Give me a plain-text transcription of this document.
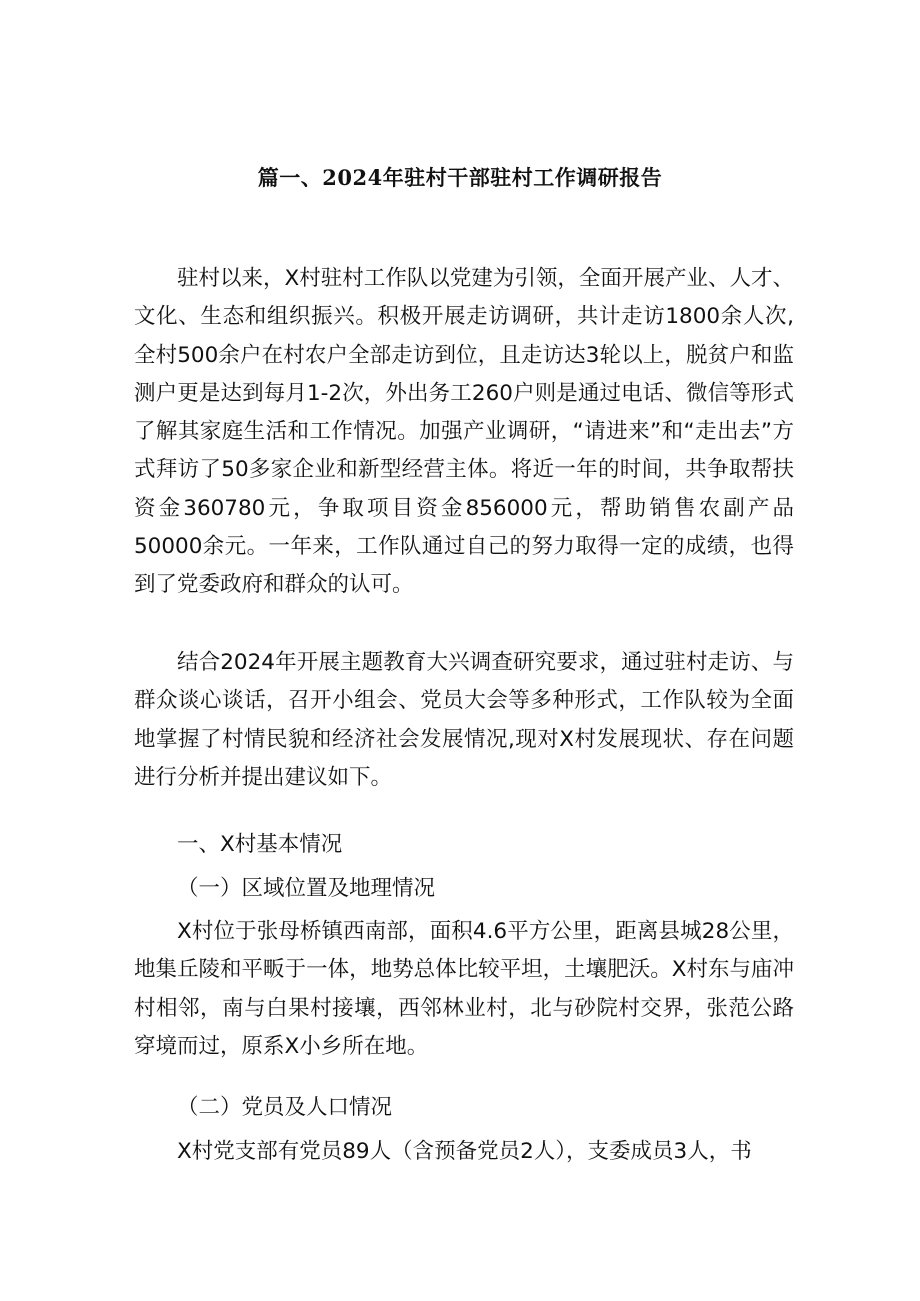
篇一、2024年驻村干部驻村工作调研报告
驻村以来，X村驻村工作队以党建为引领，全面开展产业、人才、文化、生态和组织振兴。积极开展走访调研，共计走访1800余人次,全村500余户在村农户全部走访到位，且走访达3轮以上，脱贫户和监测户更是达到每月1-2次，外出务工260户则是通过电话、微信等形式了解其家庭生活和工作情况。加强产业调研，“请进来”和“走出去”方式拜访了50多家企业和新型经营主体。将近一年的时间，共争取帮扶资金360780元，争取项目资金856000元，帮助销售农副产品50000余元。一年来，工作队通过自己的努力取得一定的成绩，也得到了党委政府和群众的认可。
结合2024年开展主题教育大兴调查研究要求，通过驻村走访、与群众谈心谈话，召开小组会、党员大会等多种形式，工作队较为全面地掌握了村情民貌和经济社会发展情况,现对X村发展现状、存在问题进行分析并提出建议如下。
一、X村基本情况
（一）区域位置及地理情况
X村位于张母桥镇西南部，面积4.6平方公里，距离县城28公里，地集丘陵和平畈于一体，地势总体比较平坦，土壤肥沃。X村东与庙冲村相邻，南与白果村接壤，西邻林业村，北与砂院村交界，张范公路穿境而过，原系X小乡所在地。
（二）党员及人口情况
X村党支部有党员89人（含预备党员2人），支委成员3人，书
